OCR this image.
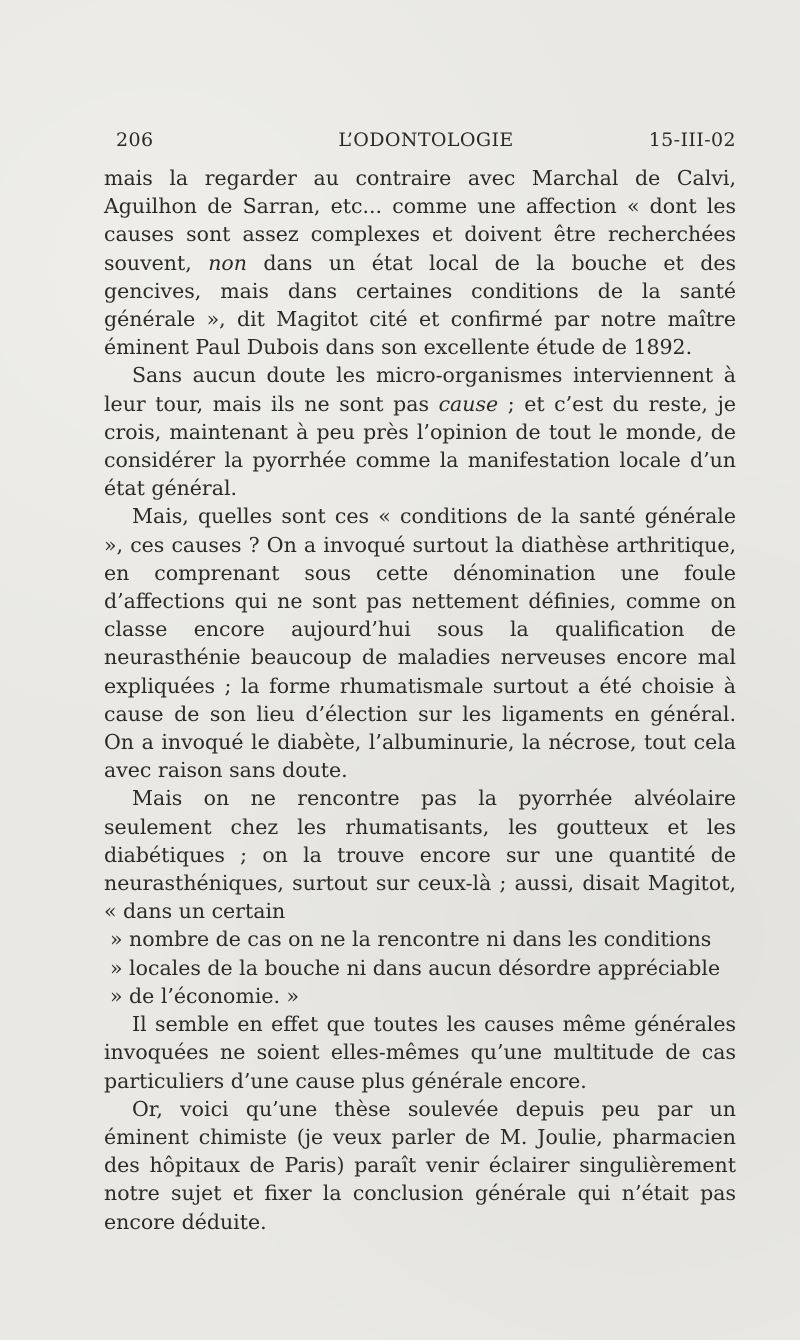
206	L’ODONTOLOGIE	15-III-02

mais la regarder au contraire avec Marchal de Calvi, Aguilhon de Sarran, etc... comme une affection « dont les causes sont assez complexes et doivent être recherchées souvent, non dans un état local de la bouche et des gencives, mais dans certaines conditions de la santé générale », dit Magitot cité et confirmé par notre maître éminent Paul Dubois dans son excellente étude de 1892.

Sans aucun doute les micro-organismes interviennent à leur tour, mais ils ne sont pas cause ; et c’est du reste, je crois, maintenant à peu près l’opinion de tout le monde, de considérer la pyorrhée comme la manifestation locale d’un état général.

Mais, quelles sont ces « conditions de la santé générale », ces causes ? On a invoqué surtout la diathèse arthritique, en comprenant sous cette dénomination une foule d’affections qui ne sont pas nettement définies, comme on classe encore aujourd’hui sous la qualification de neurasthénie beaucoup de maladies nerveuses encore mal expliquées ; la forme rhumatismale surtout a été choisie à cause de son lieu d’élection sur les ligaments en général. On a invoqué le diabète, l’albuminurie, la nécrose, tout cela avec raison sans doute.

Mais on ne rencontre pas la pyorrhée alvéolaire seulement chez les rhumatisants, les goutteux et les diabétiques ; on la trouve encore sur une quantité de neurasthéniques, surtout sur ceux-là ; aussi, disait Magitot, « dans un certain

» nombre de cas on ne la rencontre ni dans les conditions
» locales de la bouche ni dans aucun désordre appréciable
» de l’économie. »

Il semble en effet que toutes les causes même générales invoquées ne soient elles-mêmes qu’une multitude de cas particuliers d’une cause plus générale encore.

Or, voici qu’une thèse soulevée depuis peu par un éminent chimiste (je veux parler de M. Joulie, pharmacien des hôpitaux de Paris) paraît venir éclairer singulièrement notre sujet et fixer la conclusion générale qui n’était pas encore déduite.
